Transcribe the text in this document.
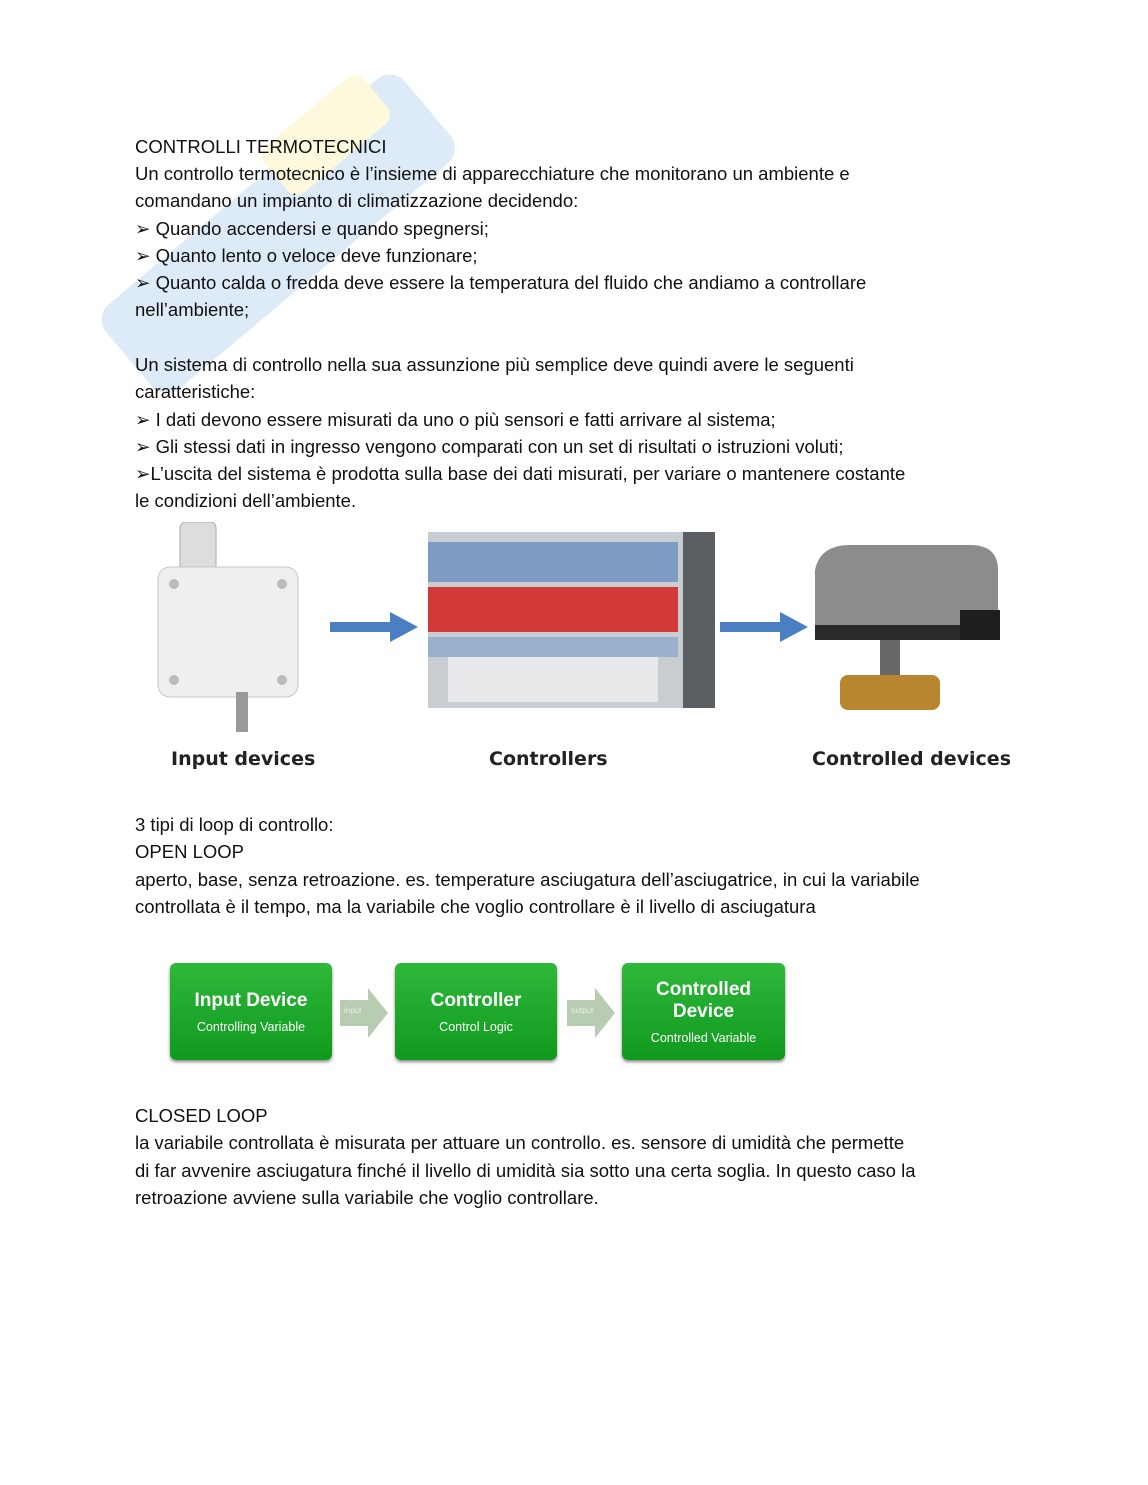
CONTROLLI TERMOTECNICI
Un controllo termotecnico è l’insieme di apparecchiature che monitorano un ambiente e
comandano un impianto di climatizzazione decidendo:
➢ Quando accendersi e quando spegnersi;
➢ Quanto lento o veloce deve funzionare;
➢ Quanto calda o fredda deve essere la temperatura del fluido che andiamo a controllare
nell’ambiente;
Un sistema di controllo nella sua assunzione più semplice deve quindi avere le seguenti
caratteristiche:
➢ I dati devono essere misurati da uno o più sensori e fatti arrivare al sistema;
➢ Gli stessi dati in ingresso vengono comparati con un set di risultati o istruzioni voluti;
➢L’uscita del sistema è prodotta sulla base dei dati misurati, per variare o mantenere costante
le condizioni dell’ambiente.
Input devices	Controllers	Controlled devices
3 tipi di loop di controllo:
OPEN LOOP
aperto, base, senza retroazione. es. temperature asciugatura dell’asciugatrice, in cui la variabile
controllata è il tempo, ma la variabile che voglio controllare è il livello di asciugatura
Input Device
Controlling Variable
input	Controller
Control Logic
output
Controlled Device
Controlled Variable
CLOSED LOOP
la variabile controllata è misurata per attuare un controllo. es. sensore di umidità che permette
di far avvenire asciugatura finché il livello di umidità sia sotto una certa soglia. In questo caso la
retroazione avviene sulla variabile che voglio controllare.
